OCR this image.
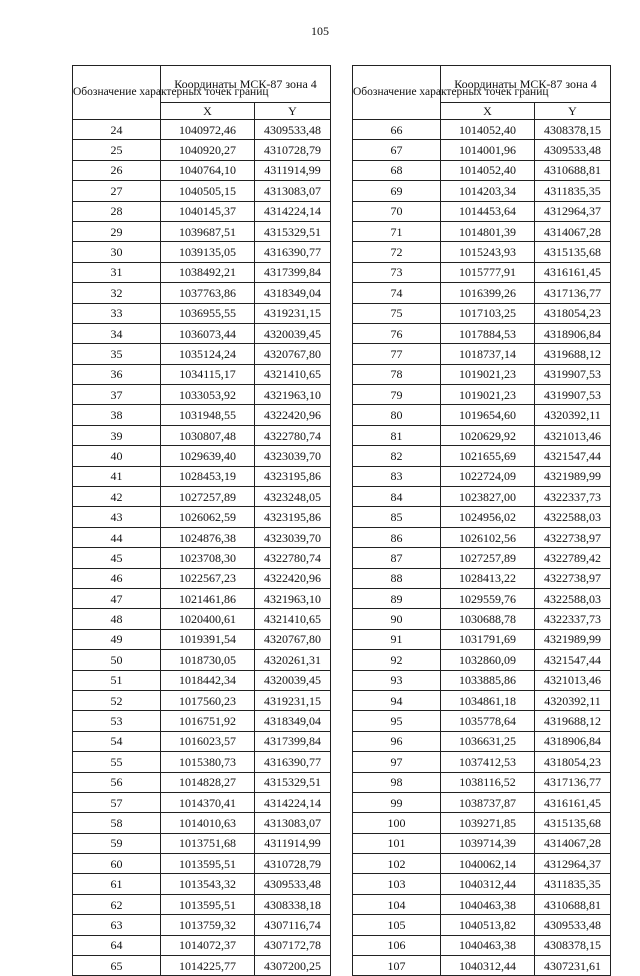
105
Обозначение характерных точек границ	Координаты МСК-87 зона 4	
	X	Y
24	1040972,46	4309533,48
25	1040920,27	4310728,79
26	1040764,10	4311914,99
27	1040505,15	4313083,07
28	1040145,37	4314224,14
29	1039687,51	4315329,51
30	1039135,05	4316390,77
31	1038492,21	4317399,84
32	1037763,86	4318349,04
33	1036955,55	4319231,15
34	1036073,44	4320039,45
35	1035124,24	4320767,80
36	1034115,17	4321410,65
37	1033053,92	4321963,10
38	1031948,55	4322420,96
39	1030807,48	4322780,74
40	1029639,40	4323039,70
41	1028453,19	4323195,86
42	1027257,89	4323248,05
43	1026062,59	4323195,86
44	1024876,38	4323039,70
45	1023708,30	4322780,74
46	1022567,23	4322420,96
47	1021461,86	4321963,10
48	1020400,61	4321410,65
49	1019391,54	4320767,80
50	1018730,05	4320261,31
51	1018442,34	4320039,45
52	1017560,23	4319231,15
53	1016751,92	4318349,04
54	1016023,57	4317399,84
55	1015380,73	4316390,77
56	1014828,27	4315329,51
57	1014370,41	4314224,14
58	1014010,63	4313083,07
59	1013751,68	4311914,99
60	1013595,51	4310728,79
61	1013543,32	4309533,48
62	1013595,51	4308338,18
63	1013759,32	4307116,74
64	1014072,37	4307172,78
65	1014225,77	4307200,25
Обозначение характерных точек границ	Координаты МСК-87 зона 4	
	X	Y
66	1014052,40	4308378,15
67	1014001,96	4309533,48
68	1014052,40	4310688,81
69	1014203,34	4311835,35
70	1014453,64	4312964,37
71	1014801,39	4314067,28
72	1015243,93	4315135,68
73	1015777,91	4316161,45
74	1016399,26	4317136,77
75	1017103,25	4318054,23
76	1017884,53	4318906,84
77	1018737,14	4319688,12
78	1019021,23	4319907,53
79	1019021,23	4319907,53
80	1019654,60	4320392,11
81	1020629,92	4321013,46
82	1021655,69	4321547,44
83	1022724,09	4321989,99
84	1023827,00	4322337,73
85	1024956,02	4322588,03
86	1026102,56	4322738,97
87	1027257,89	4322789,42
88	1028413,22	4322738,97
89	1029559,76	4322588,03
90	1030688,78	4322337,73
91	1031791,69	4321989,99
92	1032860,09	4321547,44
93	1033885,86	4321013,46
94	1034861,18	4320392,11
95	1035778,64	4319688,12
96	1036631,25	4318906,84
97	1037412,53	4318054,23
98	1038116,52	4317136,77
99	1038737,87	4316161,45
100	1039271,85	4315135,68
101	1039714,39	4314067,28
102	1040062,14	4312964,37
103	1040312,44	4311835,35
104	1040463,38	4310688,81
105	1040513,82	4309533,48
106	1040463,38	4308378,15
107	1040312,44	4307231,61
